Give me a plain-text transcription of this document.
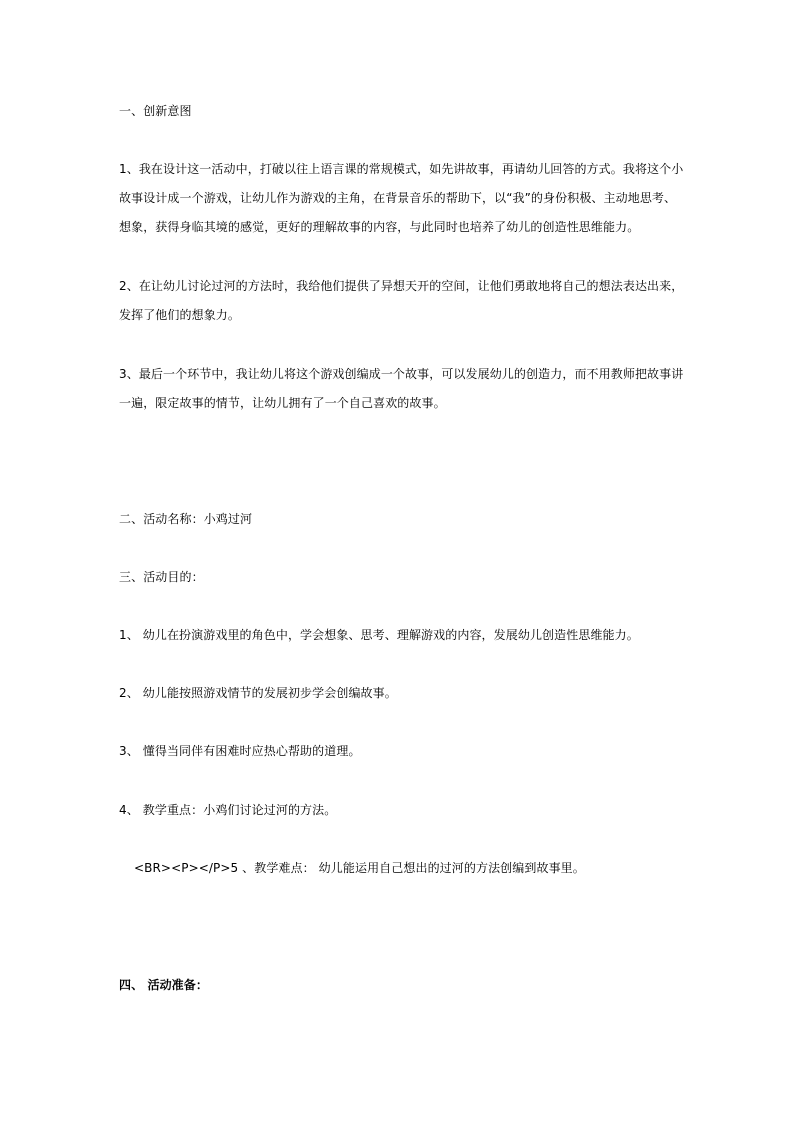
一、创新意图
1、我在设计这一活动中，打破以往上语言课的常规模式，如先讲故事，再请幼儿回答的方式。我将这个小
故事设计成一个游戏，让幼儿作为游戏的主角，在背景音乐的帮助下，以“我”的身份积极、主动地思考、
想象，获得身临其境的感觉，更好的理解故事的内容，与此同时也培养了幼儿的创造性思维能力。
2、在让幼儿讨论过河的方法时，我给他们提供了异想天开的空间，让他们勇敢地将自己的想法表达出来，
发挥了他们的想象力。
3、最后一个环节中，我让幼儿将这个游戏创编成一个故事，可以发展幼儿的创造力，而不用教师把故事讲
一遍，限定故事的情节，让幼儿拥有了一个自己喜欢的故事。
二、活动名称：小鸡过河
三、活动目的：
1、 幼儿在扮演游戏里的角色中，学会想象、思考、理解游戏的内容，发展幼儿创造性思维能力。
2、 幼儿能按照游戏情节的发展初步学会创编故事。
3、 懂得当同伴有困难时应热心帮助的道理。
4、 教学重点：小鸡们讨论过河的方法。
<BR><P></P>5 、教学难点： 幼儿能运用自己想出的过河的方法创编到故事里。
四、 活动准备：
